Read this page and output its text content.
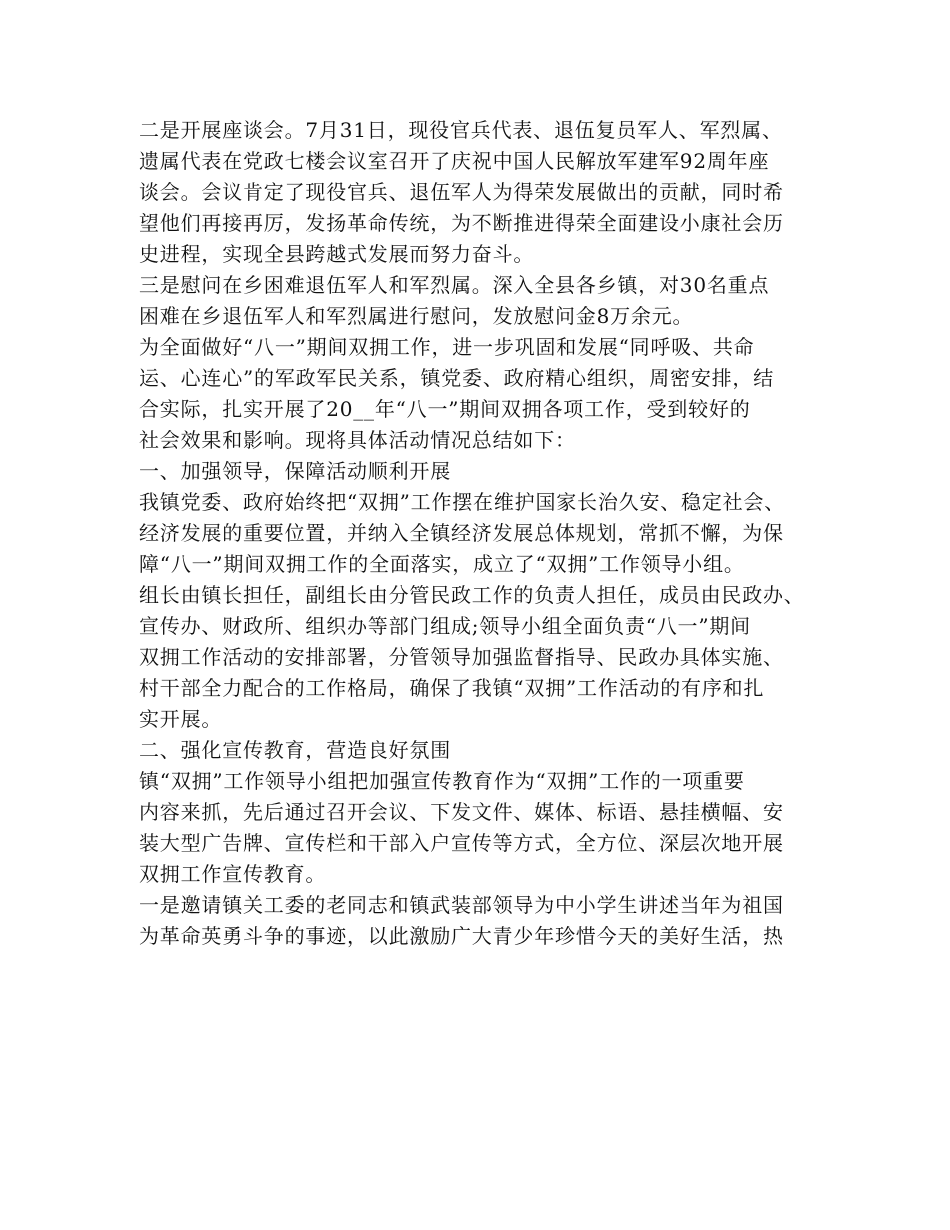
二是开展座谈会。7月31日，现役官兵代表、退伍复员军人、军烈属、
遗属代表在党政七楼会议室召开了庆祝中国人民解放军建军92周年座
谈会。会议肯定了现役官兵、退伍军人为得荣发展做出的贡献，同时希
望他们再接再厉，发扬革命传统，为不断推进得荣全面建设小康社会历
史进程，实现全县跨越式发展而努力奋斗。
三是慰问在乡困难退伍军人和军烈属。深入全县各乡镇，对30名重点
困难在乡退伍军人和军烈属进行慰问，发放慰问金8万余元。
为全面做好“八一”期间双拥工作，进一步巩固和发展“同呼吸、共命
运、心连心”的军政军民关系，镇党委、政府精心组织，周密安排，结
合实际，扎实开展了20__年“八一”期间双拥各项工作，受到较好的
社会效果和影响。现将具体活动情况总结如下：
一、加强领导，保障活动顺利开展
我镇党委、政府始终把“双拥”工作摆在维护国家长治久安、稳定社会、
经济发展的重要位置，并纳入全镇经济发展总体规划，常抓不懈，为保
障“八一”期间双拥工作的全面落实，成立了“双拥”工作领导小组。
组长由镇长担任，副组长由分管民政工作的负责人担任，成员由民政办、
宣传办、财政所、组织办等部门组成;领导小组全面负责“八一”期间
双拥工作活动的安排部署，分管领导加强监督指导、民政办具体实施、
村干部全力配合的工作格局，确保了我镇“双拥”工作活动的有序和扎
实开展。
二、强化宣传教育，营造良好氛围
镇“双拥”工作领导小组把加强宣传教育作为“双拥”工作的一项重要
内容来抓，先后通过召开会议、下发文件、媒体、标语、悬挂横幅、安
装大型广告牌、宣传栏和干部入户宣传等方式，全方位、深层次地开展
双拥工作宣传教育。
一是邀请镇关工委的老同志和镇武装部领导为中小学生讲述当年为祖国
为革命英勇斗争的事迹，以此激励广大青少年珍惜今天的美好生活，热
